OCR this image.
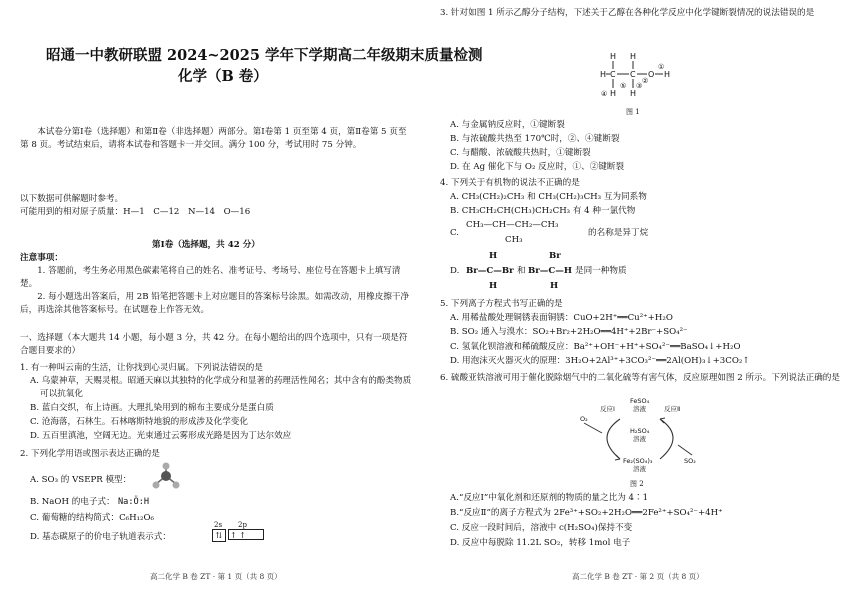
昭通一中教研联盟 2024~2025 学年下学期高二年级期末质量检测
化学（B 卷）
本试卷分第Ⅰ卷（选择题）和第Ⅱ卷（非选择题）两部分。第Ⅰ卷第 1 页至第 4 页，第Ⅱ卷第 5 页至第 8 页。考试结束后，请将本试卷和答题卡一并交回。满分 100 分，考试用时 75 分钟。
以下数据可供解题时参考。
可能用到的相对原子质量：H—1　C—12　N—14　O—16
第Ⅰ卷（选择题，共 42 分）
注意事项：
1. 答题前，考生务必用黑色碳素笔将自己的姓名、准考证号、考场号、座位号在答题卡上填写清楚。
2. 每小题选出答案后，用 2B 铅笔把答题卡上对应题目的答案标号涂黑。如需改动，用橡皮擦干净后，再选涂其他答案标号。在试题卷上作答无效。
一、选择题（本大题共 14 小题，每小题 3 分，共 42 分。在每小题给出的四个选项中，只有一项是符合题目要求的）
1. 有一种叫云南的生活，让你找到心灵归属。下列说法错误的是
A. 乌蒙神草，天赐灵根。昭通天麻以其独特的化学成分和显著的药理活性闻名；其中含有的酚类物质可以抗氧化
B. 蓝白交织，布上诗画。大理扎染用到的棉布主要成分是蛋白质
C. 沧海落，石林生。石林喀斯特地貌的形成涉及化学变化
D. 五百里滇池，空阔无边。光束通过云雾形成光路是因为丁达尔效应
2. 下列化学用语或图示表达正确的是
A. SO₃ 的 VSEPR 模型：
B. NaOH 的电子式： Na:Ö:H
C. 葡萄糖的结构简式：C₆H₁₂O₆
D. 基态碳原子的价电子轨道表示式：
2s 2p
⇅ ↑ ↑
高二化学 B 卷 ZT · 第 1 页（共 8 页）
3. 针对如图 1 所示乙醇分子结构，下述关于乙醇在各种化学反应中化学键断裂情况的说法错误的是
H H
H C C O H
H H
①
②
③
④
⑤
图 1
A. 与金属钠反应时，①键断裂
B. 与浓硫酸共热至 170℃时，②、④键断裂
C. 与醋酸、浓硫酸共热时，①键断裂
D. 在 Ag 催化下与 O₂ 反应时，①、②键断裂
4. 下列关于有机物的说法不正确的是
A. CH₃(CH₂)₂CH₃ 和 CH₃(CH₂)₃CH₃ 互为同系物
B. CH₃CH₂CH(CH₃)CH₂CH₃ 有 4 种一氯代物
C.
CH₃—CH—CH₂—CH₃
CH₃
的名称是异丁烷
D.
H
Br—C—Br
H
和
Br
Br—C—H
H
是同一种物质
5. 下列离子方程式书写正确的是
A. 用稀盐酸处理铜锈表面铜锈：CuO+2H⁺══Cu²⁺+H₂O
B. SO₂ 通入与溴水：SO₂+Br₂+2H₂O══4H⁺+2Br⁻+SO₄²⁻
C. 氢氧化钡溶液和稀硫酸反应：Ba²⁺+OH⁻+H⁺+SO₄²⁻══BaSO₄↓+H₂O
D. 用泡沫灭火器灭火的原理：3H₂O+2Al³⁺+3CO₃²⁻══2Al(OH)₃↓+3CO₂↑
6. 硫酸亚铁溶液可用于催化脱除烟气中的二氧化硫等有害气体，反应原理如图 2 所示。下列说法正确的是
FeSO₄
溶液
H₂SO₄
溶液
Fe₂(SO₄)₃
溶液
反应Ⅰ	反应Ⅱ
O₂
SO₂
图 2
A.“反应Ⅰ”中氧化剂和还原剂的物质的量之比为 4∶1
B.“反应Ⅱ”的离子方程式为 2Fe³⁺+SO₂+2H₂O══2Fe²⁺+SO₄²⁻+4H⁺
C. 反应一段时间后，溶液中 c(H₂SO₄)保持不变
D. 反应中每脱除 11.2L SO₂，转移 1mol 电子
高二化学 B 卷 ZT · 第 2 页（共 8 页）
